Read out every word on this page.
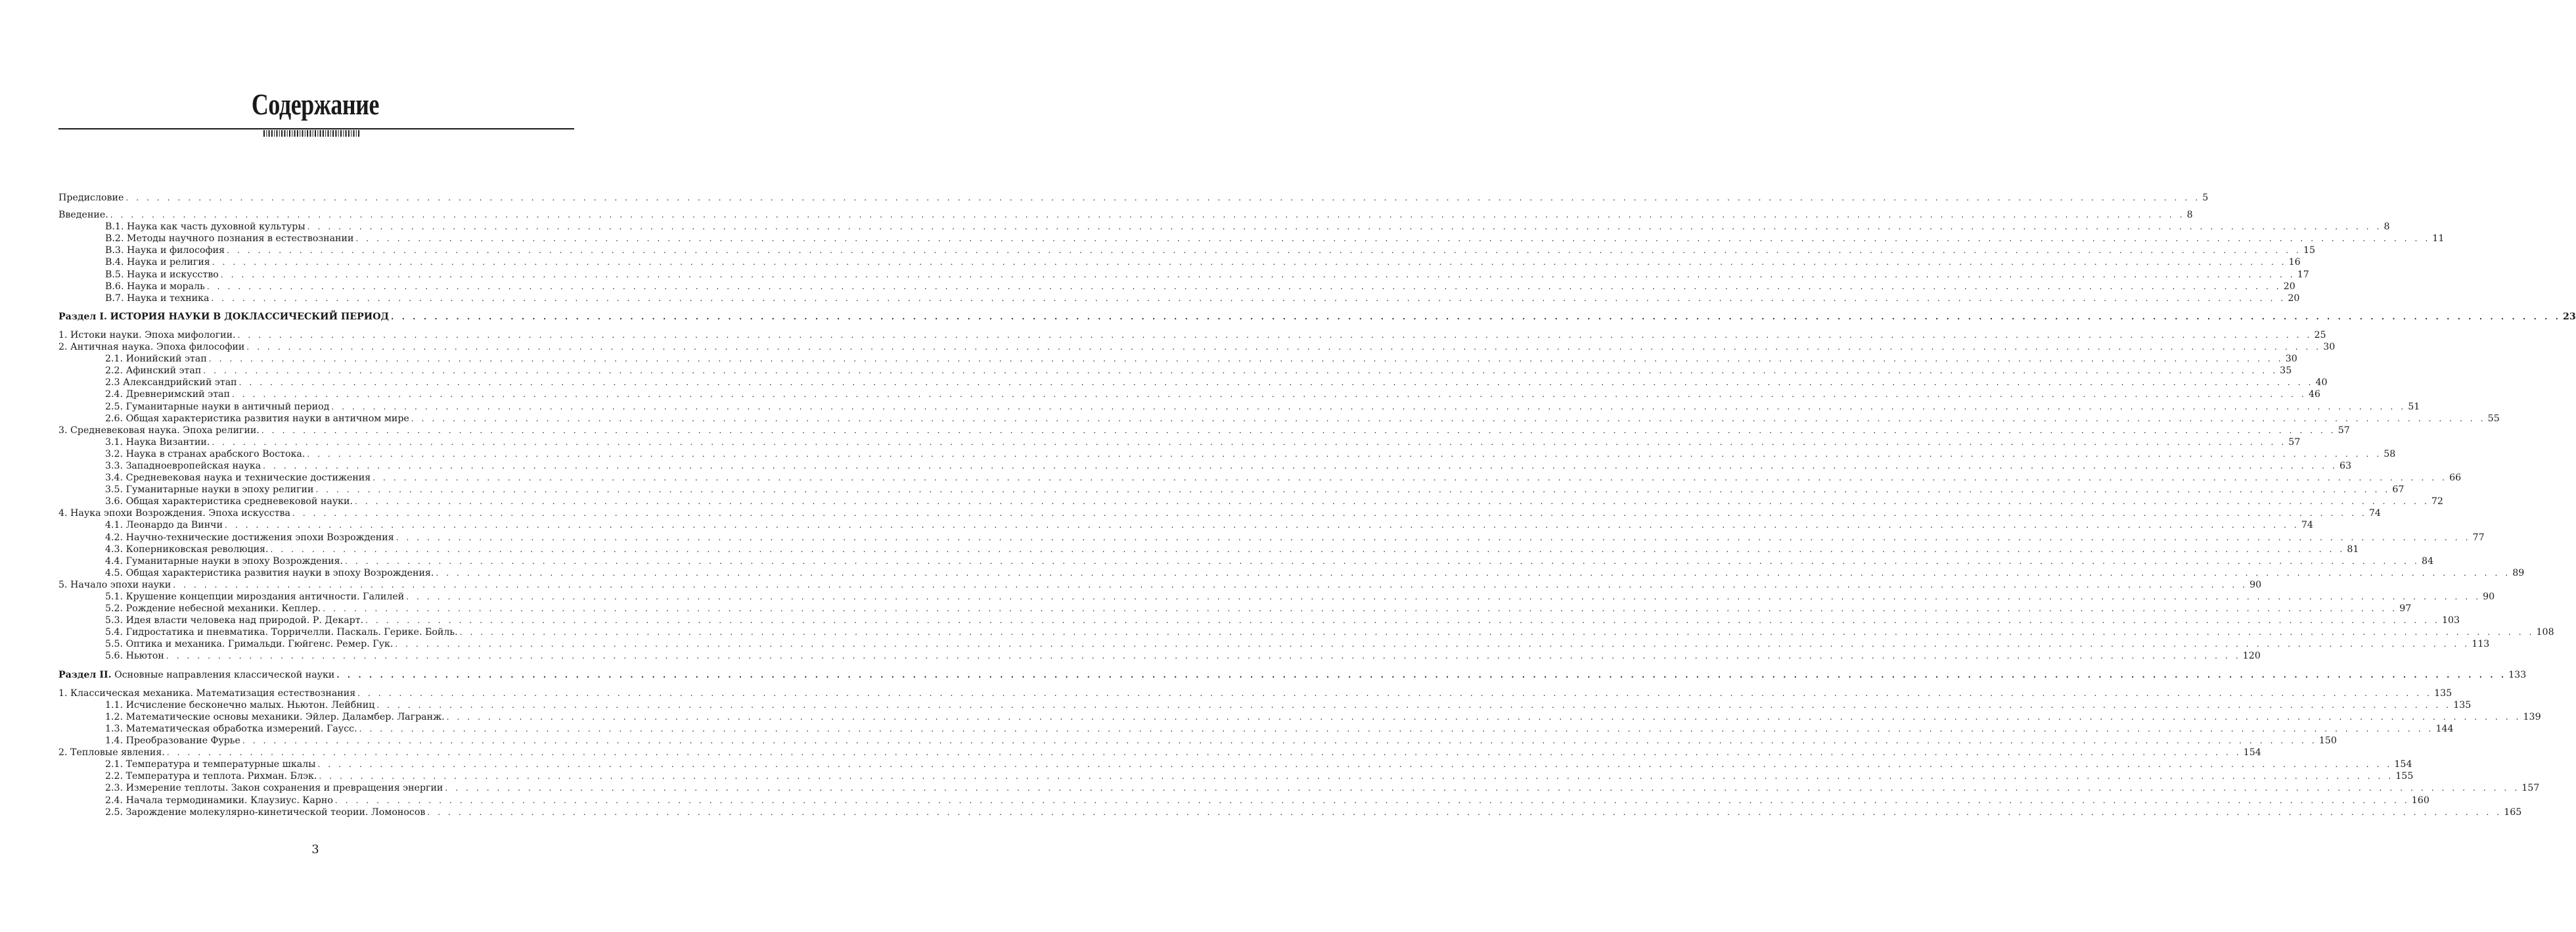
Содержание
Предисловие . . . . . . . . . . . . . . . . . . . . . . . . . . . . . . . . . . . . . . . . . . . . . . . . . . . . . . . . . . . . . . . . . . . . . . . . . . . . . . . . . . . . . . . . . . . . . . . . . . . . . . . . . . . . . . . . . . . . . . . . . . . . . . . . . . . . . . . . . . . . . . . . . . . . . . . . . . . . . . . . . . . . . . . . . . . . . . . . . . . . . . . . . . . . . . . . . . . . . . . . 5
Введение. . . . . . . . . . . . . . . . . . . . . . . . . . . . . . . . . . . . . . . . . . . . . . . . . . . . . . . . . . . . . . . . . . . . . . . . . . . . . . . . . . . . . . . . . . . . . . . . . . . . . . . . . . . . . . . . . . . . . . . . . . . . . . . . . . . . . . . . . . . . . . . . . . . . . . . . . . . . . . . . . . . . . . . . . . . . . . . . . . . . . . . . . . . . . . . . . . . . . . . . . 8
В.1. Наука как часть духовной культуры . . . . . . . . . . . . . . . . . . . . . . . . . . . . . . . . . . . . . . . . . . . . . . . . . . . . . . . . . . . . . . . . . . . . . . . . . . . . . . . . . . . . . . . . . . . . . . . . . . . . . . . . . . . . . . . . . . . . . . . . . . . . . . . . . . . . . . . . . . . . . . . . . . . . . . . . . . . . . . . . . . . . . . . . . . . . . . . . . . . . . . . . . . . . . . . . . . . . . . . . 8
В.2. Методы научного познания в естествознании . . . . . . . . . . . . . . . . . . . . . . . . . . . . . . . . . . . . . . . . . . . . . . . . . . . . . . . . . . . . . . . . . . . . . . . . . . . . . . . . . . . . . . . . . . . . . . . . . . . . . . . . . . . . . . . . . . . . . . . . . . . . . . . . . . . . . . . . . . . . . . . . . . . . . . . . . . . . . . . . . . . . . . . . . . . . . . . . . . . . . . . . . . . . . . . . . . . . . . . . 11
В.3. Наука и философия . . . . . . . . . . . . . . . . . . . . . . . . . . . . . . . . . . . . . . . . . . . . . . . . . . . . . . . . . . . . . . . . . . . . . . . . . . . . . . . . . . . . . . . . . . . . . . . . . . . . . . . . . . . . . . . . . . . . . . . . . . . . . . . . . . . . . . . . . . . . . . . . . . . . . . . . . . . . . . . . . . . . . . . . . . . . . . . . . . . . . . . . . . . . . . . . . . . . . . . . 15
В.4. Наука и религия . . . . . . . . . . . . . . . . . . . . . . . . . . . . . . . . . . . . . . . . . . . . . . . . . . . . . . . . . . . . . . . . . . . . . . . . . . . . . . . . . . . . . . . . . . . . . . . . . . . . . . . . . . . . . . . . . . . . . . . . . . . . . . . . . . . . . . . . . . . . . . . . . . . . . . . . . . . . . . . . . . . . . . . . . . . . . . . . . . . . . . . . . . . . . . . . . . . . . . . . 16
В.5. Наука и искусство . . . . . . . . . . . . . . . . . . . . . . . . . . . . . . . . . . . . . . . . . . . . . . . . . . . . . . . . . . . . . . . . . . . . . . . . . . . . . . . . . . . . . . . . . . . . . . . . . . . . . . . . . . . . . . . . . . . . . . . . . . . . . . . . . . . . . . . . . . . . . . . . . . . . . . . . . . . . . . . . . . . . . . . . . . . . . . . . . . . . . . . . . . . . . . . . . . . . . . . . 17
В.6. Наука и мораль . . . . . . . . . . . . . . . . . . . . . . . . . . . . . . . . . . . . . . . . . . . . . . . . . . . . . . . . . . . . . . . . . . . . . . . . . . . . . . . . . . . . . . . . . . . . . . . . . . . . . . . . . . . . . . . . . . . . . . . . . . . . . . . . . . . . . . . . . . . . . . . . . . . . . . . . . . . . . . . . . . . . . . . . . . . . . . . . . . . . . . . . . . . . . . . . . . . . . . . . 20
В.7. Наука и техника . . . . . . . . . . . . . . . . . . . . . . . . . . . . . . . . . . . . . . . . . . . . . . . . . . . . . . . . . . . . . . . . . . . . . . . . . . . . . . . . . . . . . . . . . . . . . . . . . . . . . . . . . . . . . . . . . . . . . . . . . . . . . . . . . . . . . . . . . . . . . . . . . . . . . . . . . . . . . . . . . . . . . . . . . . . . . . . . . . . . . . . . . . . . . . . . . . . . . . . . 20
Раздел I. ИСТОРИЯ НАУКИ В ДОКЛАССИЧЕСКИЙ ПЕРИОД . . . . . . . . . . . . . . . . . . . . . . . . . . . . . . . . . . . . . . . . . . . . . . . . . . . . . . . . . . . . . . . . . . . . . . . . . . . . . . . . . . . . . . . . . . . . . . . . . . . . . . . . . . . . . . . . . . . . . . . . . . . . . . . . . . . . . . . . . . . . . . . . . . . . . . . . . . . . . . . . . . . . . . . . . . . . . . . . . . . . . . . . . . . . . . . . . . . . . . . . 23
1. Истоки науки. Эпоха мифологии. . . . . . . . . . . . . . . . . . . . . . . . . . . . . . . . . . . . . . . . . . . . . . . . . . . . . . . . . . . . . . . . . . . . . . . . . . . . . . . . . . . . . . . . . . . . . . . . . . . . . . . . . . . . . . . . . . . . . . . . . . . . . . . . . . . . . . . . . . . . . . . . . . . . . . . . . . . . . . . . . . . . . . . . . . . . . . . . . . . . . . . . . . . . . . . . . . . . . . . . . 25
2. Античная наука. Эпоха философии . . . . . . . . . . . . . . . . . . . . . . . . . . . . . . . . . . . . . . . . . . . . . . . . . . . . . . . . . . . . . . . . . . . . . . . . . . . . . . . . . . . . . . . . . . . . . . . . . . . . . . . . . . . . . . . . . . . . . . . . . . . . . . . . . . . . . . . . . . . . . . . . . . . . . . . . . . . . . . . . . . . . . . . . . . . . . . . . . . . . . . . . . . . . . . . . . . . . . . . . 30
2.1. Ионийский этап . . . . . . . . . . . . . . . . . . . . . . . . . . . . . . . . . . . . . . . . . . . . . . . . . . . . . . . . . . . . . . . . . . . . . . . . . . . . . . . . . . . . . . . . . . . . . . . . . . . . . . . . . . . . . . . . . . . . . . . . . . . . . . . . . . . . . . . . . . . . . . . . . . . . . . . . . . . . . . . . . . . . . . . . . . . . . . . . . . . . . . . . . . . . . . . . . . . . . . . . 30
2.2. Афинский этап . . . . . . . . . . . . . . . . . . . . . . . . . . . . . . . . . . . . . . . . . . . . . . . . . . . . . . . . . . . . . . . . . . . . . . . . . . . . . . . . . . . . . . . . . . . . . . . . . . . . . . . . . . . . . . . . . . . . . . . . . . . . . . . . . . . . . . . . . . . . . . . . . . . . . . . . . . . . . . . . . . . . . . . . . . . . . . . . . . . . . . . . . . . . . . . . . . . . . . . . 35
2.3 Александрийский этап . . . . . . . . . . . . . . . . . . . . . . . . . . . . . . . . . . . . . . . . . . . . . . . . . . . . . . . . . . . . . . . . . . . . . . . . . . . . . . . . . . . . . . . . . . . . . . . . . . . . . . . . . . . . . . . . . . . . . . . . . . . . . . . . . . . . . . . . . . . . . . . . . . . . . . . . . . . . . . . . . . . . . . . . . . . . . . . . . . . . . . . . . . . . . . . . . . . . . . . . 40
2.4. Древнеримский этап . . . . . . . . . . . . . . . . . . . . . . . . . . . . . . . . . . . . . . . . . . . . . . . . . . . . . . . . . . . . . . . . . . . . . . . . . . . . . . . . . . . . . . . . . . . . . . . . . . . . . . . . . . . . . . . . . . . . . . . . . . . . . . . . . . . . . . . . . . . . . . . . . . . . . . . . . . . . . . . . . . . . . . . . . . . . . . . . . . . . . . . . . . . . . . . . . . . . . . . . 46
2.5. Гуманитарные науки в античный период . . . . . . . . . . . . . . . . . . . . . . . . . . . . . . . . . . . . . . . . . . . . . . . . . . . . . . . . . . . . . . . . . . . . . . . . . . . . . . . . . . . . . . . . . . . . . . . . . . . . . . . . . . . . . . . . . . . . . . . . . . . . . . . . . . . . . . . . . . . . . . . . . . . . . . . . . . . . . . . . . . . . . . . . . . . . . . . . . . . . . . . . . . . . . . . . . . . . . . . . 51
2.6. Общая характеристика развития науки в античном мире . . . . . . . . . . . . . . . . . . . . . . . . . . . . . . . . . . . . . . . . . . . . . . . . . . . . . . . . . . . . . . . . . . . . . . . . . . . . . . . . . . . . . . . . . . . . . . . . . . . . . . . . . . . . . . . . . . . . . . . . . . . . . . . . . . . . . . . . . . . . . . . . . . . . . . . . . . . . . . . . . . . . . . . . . . . . . . . . . . . . . . . . . . . . . . . . . . . . . . . . 55
3. Средневековая наука. Эпоха религии. . . . . . . . . . . . . . . . . . . . . . . . . . . . . . . . . . . . . . . . . . . . . . . . . . . . . . . . . . . . . . . . . . . . . . . . . . . . . . . . . . . . . . . . . . . . . . . . . . . . . . . . . . . . . . . . . . . . . . . . . . . . . . . . . . . . . . . . . . . . . . . . . . . . . . . . . . . . . . . . . . . . . . . . . . . . . . . . . . . . . . . . . . . . . . . . . . . . . . . . . 57
3.1. Наука Византии. . . . . . . . . . . . . . . . . . . . . . . . . . . . . . . . . . . . . . . . . . . . . . . . . . . . . . . . . . . . . . . . . . . . . . . . . . . . . . . . . . . . . . . . . . . . . . . . . . . . . . . . . . . . . . . . . . . . . . . . . . . . . . . . . . . . . . . . . . . . . . . . . . . . . . . . . . . . . . . . . . . . . . . . . . . . . . . . . . . . . . . . . . . . . . . . . . . . . . . . . 57
3.2. Наука в странах арабского Востока. . . . . . . . . . . . . . . . . . . . . . . . . . . . . . . . . . . . . . . . . . . . . . . . . . . . . . . . . . . . . . . . . . . . . . . . . . . . . . . . . . . . . . . . . . . . . . . . . . . . . . . . . . . . . . . . . . . . . . . . . . . . . . . . . . . . . . . . . . . . . . . . . . . . . . . . . . . . . . . . . . . . . . . . . . . . . . . . . . . . . . . . . . . . . . . . . . . . . . . . . 58
3.3. Западноевропейская наука . . . . . . . . . . . . . . . . . . . . . . . . . . . . . . . . . . . . . . . . . . . . . . . . . . . . . . . . . . . . . . . . . . . . . . . . . . . . . . . . . . . . . . . . . . . . . . . . . . . . . . . . . . . . . . . . . . . . . . . . . . . . . . . . . . . . . . . . . . . . . . . . . . . . . . . . . . . . . . . . . . . . . . . . . . . . . . . . . . . . . . . . . . . . . . . . . . . . . . . . 63
3.4. Средневековая наука и технические достижения . . . . . . . . . . . . . . . . . . . . . . . . . . . . . . . . . . . . . . . . . . . . . . . . . . . . . . . . . . . . . . . . . . . . . . . . . . . . . . . . . . . . . . . . . . . . . . . . . . . . . . . . . . . . . . . . . . . . . . . . . . . . . . . . . . . . . . . . . . . . . . . . . . . . . . . . . . . . . . . . . . . . . . . . . . . . . . . . . . . . . . . . . . . . . . . . . . . . . . . . 66
3.5. Гуманитарные науки в эпоху религии . . . . . . . . . . . . . . . . . . . . . . . . . . . . . . . . . . . . . . . . . . . . . . . . . . . . . . . . . . . . . . . . . . . . . . . . . . . . . . . . . . . . . . . . . . . . . . . . . . . . . . . . . . . . . . . . . . . . . . . . . . . . . . . . . . . . . . . . . . . . . . . . . . . . . . . . . . . . . . . . . . . . . . . . . . . . . . . . . . . . . . . . . . . . . . . . . . . . . . . . 67
3.6. Общая характеристика средневековой науки. . . . . . . . . . . . . . . . . . . . . . . . . . . . . . . . . . . . . . . . . . . . . . . . . . . . . . . . . . . . . . . . . . . . . . . . . . . . . . . . . . . . . . . . . . . . . . . . . . . . . . . . . . . . . . . . . . . . . . . . . . . . . . . . . . . . . . . . . . . . . . . . . . . . . . . . . . . . . . . . . . . . . . . . . . . . . . . . . . . . . . . . . . . . . . . . . . . . . . . . . 72
4. Наука эпохи Возрождения. Эпоха искусства . . . . . . . . . . . . . . . . . . . . . . . . . . . . . . . . . . . . . . . . . . . . . . . . . . . . . . . . . . . . . . . . . . . . . . . . . . . . . . . . . . . . . . . . . . . . . . . . . . . . . . . . . . . . . . . . . . . . . . . . . . . . . . . . . . . . . . . . . . . . . . . . . . . . . . . . . . . . . . . . . . . . . . . . . . . . . . . . . . . . . . . . . . . . . . . . . . . . . . . . 74
4.1. Леонардо да Винчи . . . . . . . . . . . . . . . . . . . . . . . . . . . . . . . . . . . . . . . . . . . . . . . . . . . . . . . . . . . . . . . . . . . . . . . . . . . . . . . . . . . . . . . . . . . . . . . . . . . . . . . . . . . . . . . . . . . . . . . . . . . . . . . . . . . . . . . . . . . . . . . . . . . . . . . . . . . . . . . . . . . . . . . . . . . . . . . . . . . . . . . . . . . . . . . . . . . . . . . . 74
4.2. Научно-технические достижения эпохи Возрождения . . . . . . . . . . . . . . . . . . . . . . . . . . . . . . . . . . . . . . . . . . . . . . . . . . . . . . . . . . . . . . . . . . . . . . . . . . . . . . . . . . . . . . . . . . . . . . . . . . . . . . . . . . . . . . . . . . . . . . . . . . . . . . . . . . . . . . . . . . . . . . . . . . . . . . . . . . . . . . . . . . . . . . . . . . . . . . . . . . . . . . . . . . . . . . . . . . . . . . . . 77
4.3. Коперниковская революция. . . . . . . . . . . . . . . . . . . . . . . . . . . . . . . . . . . . . . . . . . . . . . . . . . . . . . . . . . . . . . . . . . . . . . . . . . . . . . . . . . . . . . . . . . . . . . . . . . . . . . . . . . . . . . . . . . . . . . . . . . . . . . . . . . . . . . . . . . . . . . . . . . . . . . . . . . . . . . . . . . . . . . . . . . . . . . . . . . . . . . . . . . . . . . . . . . . . . . . . . 81
4.4. Гуманитарные науки в эпоху Возрождения. . . . . . . . . . . . . . . . . . . . . . . . . . . . . . . . . . . . . . . . . . . . . . . . . . . . . . . . . . . . . . . . . . . . . . . . . . . . . . . . . . . . . . . . . . . . . . . . . . . . . . . . . . . . . . . . . . . . . . . . . . . . . . . . . . . . . . . . . . . . . . . . . . . . . . . . . . . . . . . . . . . . . . . . . . . . . . . . . . . . . . . . . . . . . . . . . . . . . . . . . 84
4.5. Общая характеристика развития науки в эпоху Возрождения. . . . . . . . . . . . . . . . . . . . . . . . . . . . . . . . . . . . . . . . . . . . . . . . . . . . . . . . . . . . . . . . . . . . . . . . . . . . . . . . . . . . . . . . . . . . . . . . . . . . . . . . . . . . . . . . . . . . . . . . . . . . . . . . . . . . . . . . . . . . . . . . . . . . . . . . . . . . . . . . . . . . . . . . . . . . . . . . . . . . . . . . . . . . . . . . . . . . . . . . . 89
5. Начало эпохи науки . . . . . . . . . . . . . . . . . . . . . . . . . . . . . . . . . . . . . . . . . . . . . . . . . . . . . . . . . . . . . . . . . . . . . . . . . . . . . . . . . . . . . . . . . . . . . . . . . . . . . . . . . . . . . . . . . . . . . . . . . . . . . . . . . . . . . . . . . . . . . . . . . . . . . . . . . . . . . . . . . . . . . . . . . . . . . . . . . . . . . . . . . . . . . . . . . . . . . . . . 90
5.1. Крушение концепции мироздания античности. Галилей . . . . . . . . . . . . . . . . . . . . . . . . . . . . . . . . . . . . . . . . . . . . . . . . . . . . . . . . . . . . . . . . . . . . . . . . . . . . . . . . . . . . . . . . . . . . . . . . . . . . . . . . . . . . . . . . . . . . . . . . . . . . . . . . . . . . . . . . . . . . . . . . . . . . . . . . . . . . . . . . . . . . . . . . . . . . . . . . . . . . . . . . . . . . . . . . . . . . . . . . 90
5.2. Рождение небесной механики. Кеплер. . . . . . . . . . . . . . . . . . . . . . . . . . . . . . . . . . . . . . . . . . . . . . . . . . . . . . . . . . . . . . . . . . . . . . . . . . . . . . . . . . . . . . . . . . . . . . . . . . . . . . . . . . . . . . . . . . . . . . . . . . . . . . . . . . . . . . . . . . . . . . . . . . . . . . . . . . . . . . . . . . . . . . . . . . . . . . . . . . . . . . . . . . . . . . . . . . . . . . . . . 97
5.3. Идея власти человека над природой. Р. Декарт. . . . . . . . . . . . . . . . . . . . . . . . . . . . . . . . . . . . . . . . . . . . . . . . . . . . . . . . . . . . . . . . . . . . . . . . . . . . . . . . . . . . . . . . . . . . . . . . . . . . . . . . . . . . . . . . . . . . . . . . . . . . . . . . . . . . . . . . . . . . . . . . . . . . . . . . . . . . . . . . . . . . . . . . . . . . . . . . . . . . . . . . . . . . . . . . . . . . . . . . . 103
5.4. Гидростатика и пневматика. Торричелли. Паскаль. Герике. Бойль. . . . . . . . . . . . . . . . . . . . . . . . . . . . . . . . . . . . . . . . . . . . . . . . . . . . . . . . . . . . . . . . . . . . . . . . . . . . . . . . . . . . . . . . . . . . . . . . . . . . . . . . . . . . . . . . . . . . . . . . . . . . . . . . . . . . . . . . . . . . . . . . . . . . . . . . . . . . . . . . . . . . . . . . . . . . . . . . . . . . . . . . . . . . . . . . . . . . . . . . . 108
5.5. Оптика и механика. Гримальди. Гюйгенс. Ремер. Гук. . . . . . . . . . . . . . . . . . . . . . . . . . . . . . . . . . . . . . . . . . . . . . . . . . . . . . . . . . . . . . . . . . . . . . . . . . . . . . . . . . . . . . . . . . . . . . . . . . . . . . . . . . . . . . . . . . . . . . . . . . . . . . . . . . . . . . . . . . . . . . . . . . . . . . . . . . . . . . . . . . . . . . . . . . . . . . . . . . . . . . . . . . . . . . . . . . . . . . . . . 113
5.6. Ньютон . . . . . . . . . . . . . . . . . . . . . . . . . . . . . . . . . . . . . . . . . . . . . . . . . . . . . . . . . . . . . . . . . . . . . . . . . . . . . . . . . . . . . . . . . . . . . . . . . . . . . . . . . . . . . . . . . . . . . . . . . . . . . . . . . . . . . . . . . . . . . . . . . . . . . . . . . . . . . . . . . . . . . . . . . . . . . . . . . . . . . . . . . . . . . . . . . . . . . . . . 120
Раздел II. Основные направления классической науки . . . . . . . . . . . . . . . . . . . . . . . . . . . . . . . . . . . . . . . . . . . . . . . . . . . . . . . . . . . . . . . . . . . . . . . . . . . . . . . . . . . . . . . . . . . . . . . . . . . . . . . . . . . . . . . . . . . . . . . . . . . . . . . . . . . . . . . . . . . . . . . . . . . . . . . . . . . . . . . . . . . . . . . . . . . . . . . . . . . . . . . . . . . . . . . . . . . . . . . . 133
1. Классическая механика. Математизация естествознания . . . . . . . . . . . . . . . . . . . . . . . . . . . . . . . . . . . . . . . . . . . . . . . . . . . . . . . . . . . . . . . . . . . . . . . . . . . . . . . . . . . . . . . . . . . . . . . . . . . . . . . . . . . . . . . . . . . . . . . . . . . . . . . . . . . . . . . . . . . . . . . . . . . . . . . . . . . . . . . . . . . . . . . . . . . . . . . . . . . . . . . . . . . . . . . . . . . . . . . . 135
1.1. Исчисление бесконечно малых. Ньютон. Лейбниц . . . . . . . . . . . . . . . . . . . . . . . . . . . . . . . . . . . . . . . . . . . . . . . . . . . . . . . . . . . . . . . . . . . . . . . . . . . . . . . . . . . . . . . . . . . . . . . . . . . . . . . . . . . . . . . . . . . . . . . . . . . . . . . . . . . . . . . . . . . . . . . . . . . . . . . . . . . . . . . . . . . . . . . . . . . . . . . . . . . . . . . . . . . . . . . . . . . . . . . . 135
1.2. Математические основы механики. Эйлер. Даламбер. Лагранж. . . . . . . . . . . . . . . . . . . . . . . . . . . . . . . . . . . . . . . . . . . . . . . . . . . . . . . . . . . . . . . . . . . . . . . . . . . . . . . . . . . . . . . . . . . . . . . . . . . . . . . . . . . . . . . . . . . . . . . . . . . . . . . . . . . . . . . . . . . . . . . . . . . . . . . . . . . . . . . . . . . . . . . . . . . . . . . . . . . . . . . . . . . . . . . . . . . . . . . . . 139
1.3. Математическая обработка измерений. Гаусс. . . . . . . . . . . . . . . . . . . . . . . . . . . . . . . . . . . . . . . . . . . . . . . . . . . . . . . . . . . . . . . . . . . . . . . . . . . . . . . . . . . . . . . . . . . . . . . . . . . . . . . . . . . . . . . . . . . . . . . . . . . . . . . . . . . . . . . . . . . . . . . . . . . . . . . . . . . . . . . . . . . . . . . . . . . . . . . . . . . . . . . . . . . . . . . . . . . . . . . . . 144
1.4. Преобразование Фурье . . . . . . . . . . . . . . . . . . . . . . . . . . . . . . . . . . . . . . . . . . . . . . . . . . . . . . . . . . . . . . . . . . . . . . . . . . . . . . . . . . . . . . . . . . . . . . . . . . . . . . . . . . . . . . . . . . . . . . . . . . . . . . . . . . . . . . . . . . . . . . . . . . . . . . . . . . . . . . . . . . . . . . . . . . . . . . . . . . . . . . . . . . . . . . . . . . . . . . . . 150
2. Тепловые явления. . . . . . . . . . . . . . . . . . . . . . . . . . . . . . . . . . . . . . . . . . . . . . . . . . . . . . . . . . . . . . . . . . . . . . . . . . . . . . . . . . . . . . . . . . . . . . . . . . . . . . . . . . . . . . . . . . . . . . . . . . . . . . . . . . . . . . . . . . . . . . . . . . . . . . . . . . . . . . . . . . . . . . . . . . . . . . . . . . . . . . . . . . . . . . . . . . . . . . . . . 154
2.1. Температура и температурные шкалы . . . . . . . . . . . . . . . . . . . . . . . . . . . . . . . . . . . . . . . . . . . . . . . . . . . . . . . . . . . . . . . . . . . . . . . . . . . . . . . . . . . . . . . . . . . . . . . . . . . . . . . . . . . . . . . . . . . . . . . . . . . . . . . . . . . . . . . . . . . . . . . . . . . . . . . . . . . . . . . . . . . . . . . . . . . . . . . . . . . . . . . . . . . . . . . . . . . . . . . . 154
2.2. Температура и теплота. Рихман. Блэк. . . . . . . . . . . . . . . . . . . . . . . . . . . . . . . . . . . . . . . . . . . . . . . . . . . . . . . . . . . . . . . . . . . . . . . . . . . . . . . . . . . . . . . . . . . . . . . . . . . . . . . . . . . . . . . . . . . . . . . . . . . . . . . . . . . . . . . . . . . . . . . . . . . . . . . . . . . . . . . . . . . . . . . . . . . . . . . . . . . . . . . . . . . . . . . . . . . . . . . . . 155
2.3. Измерение теплоты. Закон сохранения и превращения энергии . . . . . . . . . . . . . . . . . . . . . . . . . . . . . . . . . . . . . . . . . . . . . . . . . . . . . . . . . . . . . . . . . . . . . . . . . . . . . . . . . . . . . . . . . . . . . . . . . . . . . . . . . . . . . . . . . . . . . . . . . . . . . . . . . . . . . . . . . . . . . . . . . . . . . . . . . . . . . . . . . . . . . . . . . . . . . . . . . . . . . . . . . . . . . . . . . . . . . . . . 157
2.4. Начала термодинамики. Клаузиус. Карно . . . . . . . . . . . . . . . . . . . . . . . . . . . . . . . . . . . . . . . . . . . . . . . . . . . . . . . . . . . . . . . . . . . . . . . . . . . . . . . . . . . . . . . . . . . . . . . . . . . . . . . . . . . . . . . . . . . . . . . . . . . . . . . . . . . . . . . . . . . . . . . . . . . . . . . . . . . . . . . . . . . . . . . . . . . . . . . . . . . . . . . . . . . . . . . . . . . . . . . . 160
2.5. Зарождение молекулярно-кинетической теории. Ломоносов . . . . . . . . . . . . . . . . . . . . . . . . . . . . . . . . . . . . . . . . . . . . . . . . . . . . . . . . . . . . . . . . . . . . . . . . . . . . . . . . . . . . . . . . . . . . . . . . . . . . . . . . . . . . . . . . . . . . . . . . . . . . . . . . . . . . . . . . . . . . . . . . . . . . . . . . . . . . . . . . . . . . . . . . . . . . . . . . . . . . . . . . . . . . . . . . . . . . . . . . 165
3
